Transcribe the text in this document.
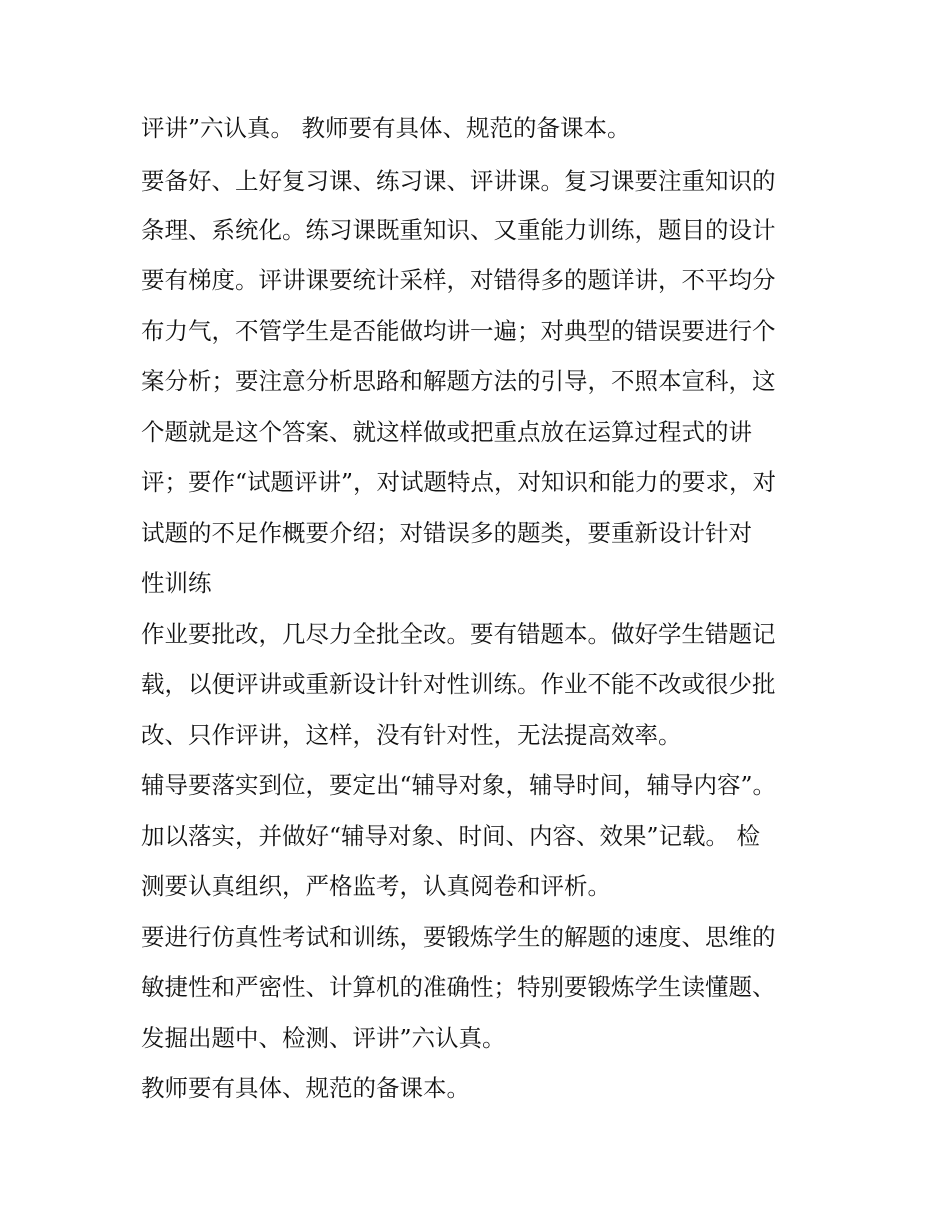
评讲”六认真。 教师要有具体、规范的备课本。
要备好、上好复习课、练习课、评讲课。复习课要注重知识的
条理、系统化。练习课既重知识、又重能力训练，题目的设计
要有梯度。评讲课要统计采样，对错得多的题详讲，不平均分
布力气，不管学生是否能做均讲一遍；对典型的错误要进行个
案分析；要注意分析思路和解题方法的引导，不照本宣科，这
个题就是这个答案、就这样做或把重点放在运算过程式的讲
评；要作“试题评讲”，对试题特点，对知识和能力的要求，对
试题的不足作概要介绍；对错误多的题类，要重新设计针对
性训练
作业要批改，几尽力全批全改。要有错题本。做好学生错题记
载，以便评讲或重新设计针对性训练。作业不能不改或很少批
改、只作评讲，这样，没有针对性，无法提高效率。
辅导要落实到位，要定出“辅导对象，辅导时间，辅导内容”。
加以落实，并做好“辅导对象、时间、内容、效果”记载。 检
测要认真组织，严格监考，认真阅卷和评析。
要进行仿真性考试和训练，要锻炼学生的解题的速度、思维的
敏捷性和严密性、计算机的准确性；特别要锻炼学生读懂题、
发掘出题中、检测、评讲”六认真。
教师要有具体、规范的备课本。
